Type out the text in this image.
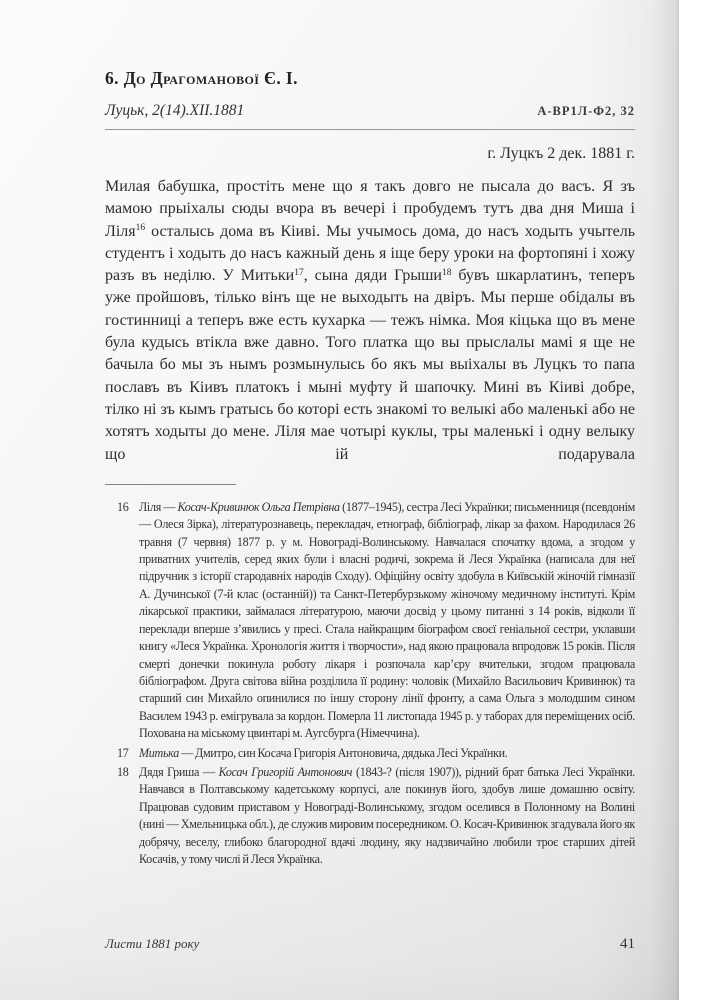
6. До Драгоманової Є. І.
Луцьк, 2(14).XII.1881	А-ВР1Л-Ф2, 32
г. Луцкъ 2 дек. 1881 г.

Милая бабушка, простіть мене що я такъ довго не пысала до васъ. Я зъ мамою прыіхалы сюды вчора въ вечері і пробудемъ тутъ два дня Миша і Ліля$^{16}$ осталысь дома въ Кіиві. Мы учымось дома, до насъ ходыть учытель студентъ і ходыть до насъ кажный день я іще беру уроки на фортопяні і хожу разъ въ неділю. У Митьки$^{17}$, сына дяди Грыши$^{18}$ бувъ шкарлатинъ, теперъ уже пройшовъ, тілько вінъ ще не выходыть на двіръ. Мы перше обідалы въ гостинниці а теперъ вже есть кухарка — тежъ німка. Моя кіцька що въ мене була кудысь втікла вже давно. Того платка що вы прыслалы мамі я ще не бачыла бо мы зъ нымъ розмынулысь бо якъ мы выіхалы въ Луцкъ то папа пославъ въ Кіивъ платокъ і мыні муфту й шапочку. Мині въ Кіиві добре, тілко ні зъ кымъ гратысь бо которі есть знакомі то велыкі або маленькі або не хотятъ ходыты до мене. Ліля мае чотырі куклы, тры маленькі і одну велыку що ій подарувала

16 Ліля — Косач-Кривинюк Ольга Петрівна (1877–1945), сестра Лесі Українки; письменниця (псевдонім — Олеся Зірка), літературознавець, перекладач, етнограф, бібліограф, лікар за фахом. Народилася 26 травня (7 червня) 1877 р. у м. Новограді-Волинському. Навчалася спочатку вдома, а згодом у приватних учителів, серед яких були і власні родичі, зокрема й Леся Українка (написала для неї підручник з історії стародавніх народів Сходу). Офіційну освіту здобула в Київській жіночій гімназії А. Дучинської (7-й клас (останній)) та Санкт-Петербурзькому жіночому медичному інституті. Крім лікарської практики, займалася літературою, маючи досвід у цьому питанні з 14 років, відколи її переклади вперше з’явились у пресі. Стала найкращим біографом своєї геніальної сестри, уклавши книгу «Леся Українка. Хронологія життя і творчости», над якою працювала впродовж 15 років. Після смерті донечки покинула роботу лікаря і розпочала кар’єру вчительки, згодом працювала бібліографом. Друга світова війна розділила її родину: чоловік (Михайло Васильович Кривинюк) та старший син Михайло опинилися по іншу сторону лінії фронту, а сама Ольга з молодшим сином Василем 1943 р. емігрувала за кордон. Померла 11 листопада 1945 р. у таборах для переміщених осіб. Похована на міському цвинтарі м. Аугсбурга (Німеччина).
17 Митька — Дмитро, син Косача Григорія Антоновича, дядька Лесі Українки.
18 Дядя Гриша — Косач Григорій Антонович (1843-? (після 1907)), рідний брат батька Лесі Українки. Навчався в Полтавському кадетському корпусі, але покинув його, здобув лише домашню освіту. Працював судовим приставом у Новограді-Волинському, згодом оселився в Полонному на Волині (нині — Хмельницька обл.), де служив мировим посередником. О. Косач-Кривинюк згадувала його як добрячу, веселу, глибоко благородної вдачі людину, яку надзвичайно любили троє старших дітей Косачів, у тому числі й Леся Українка.
Листи 1881 року	41
